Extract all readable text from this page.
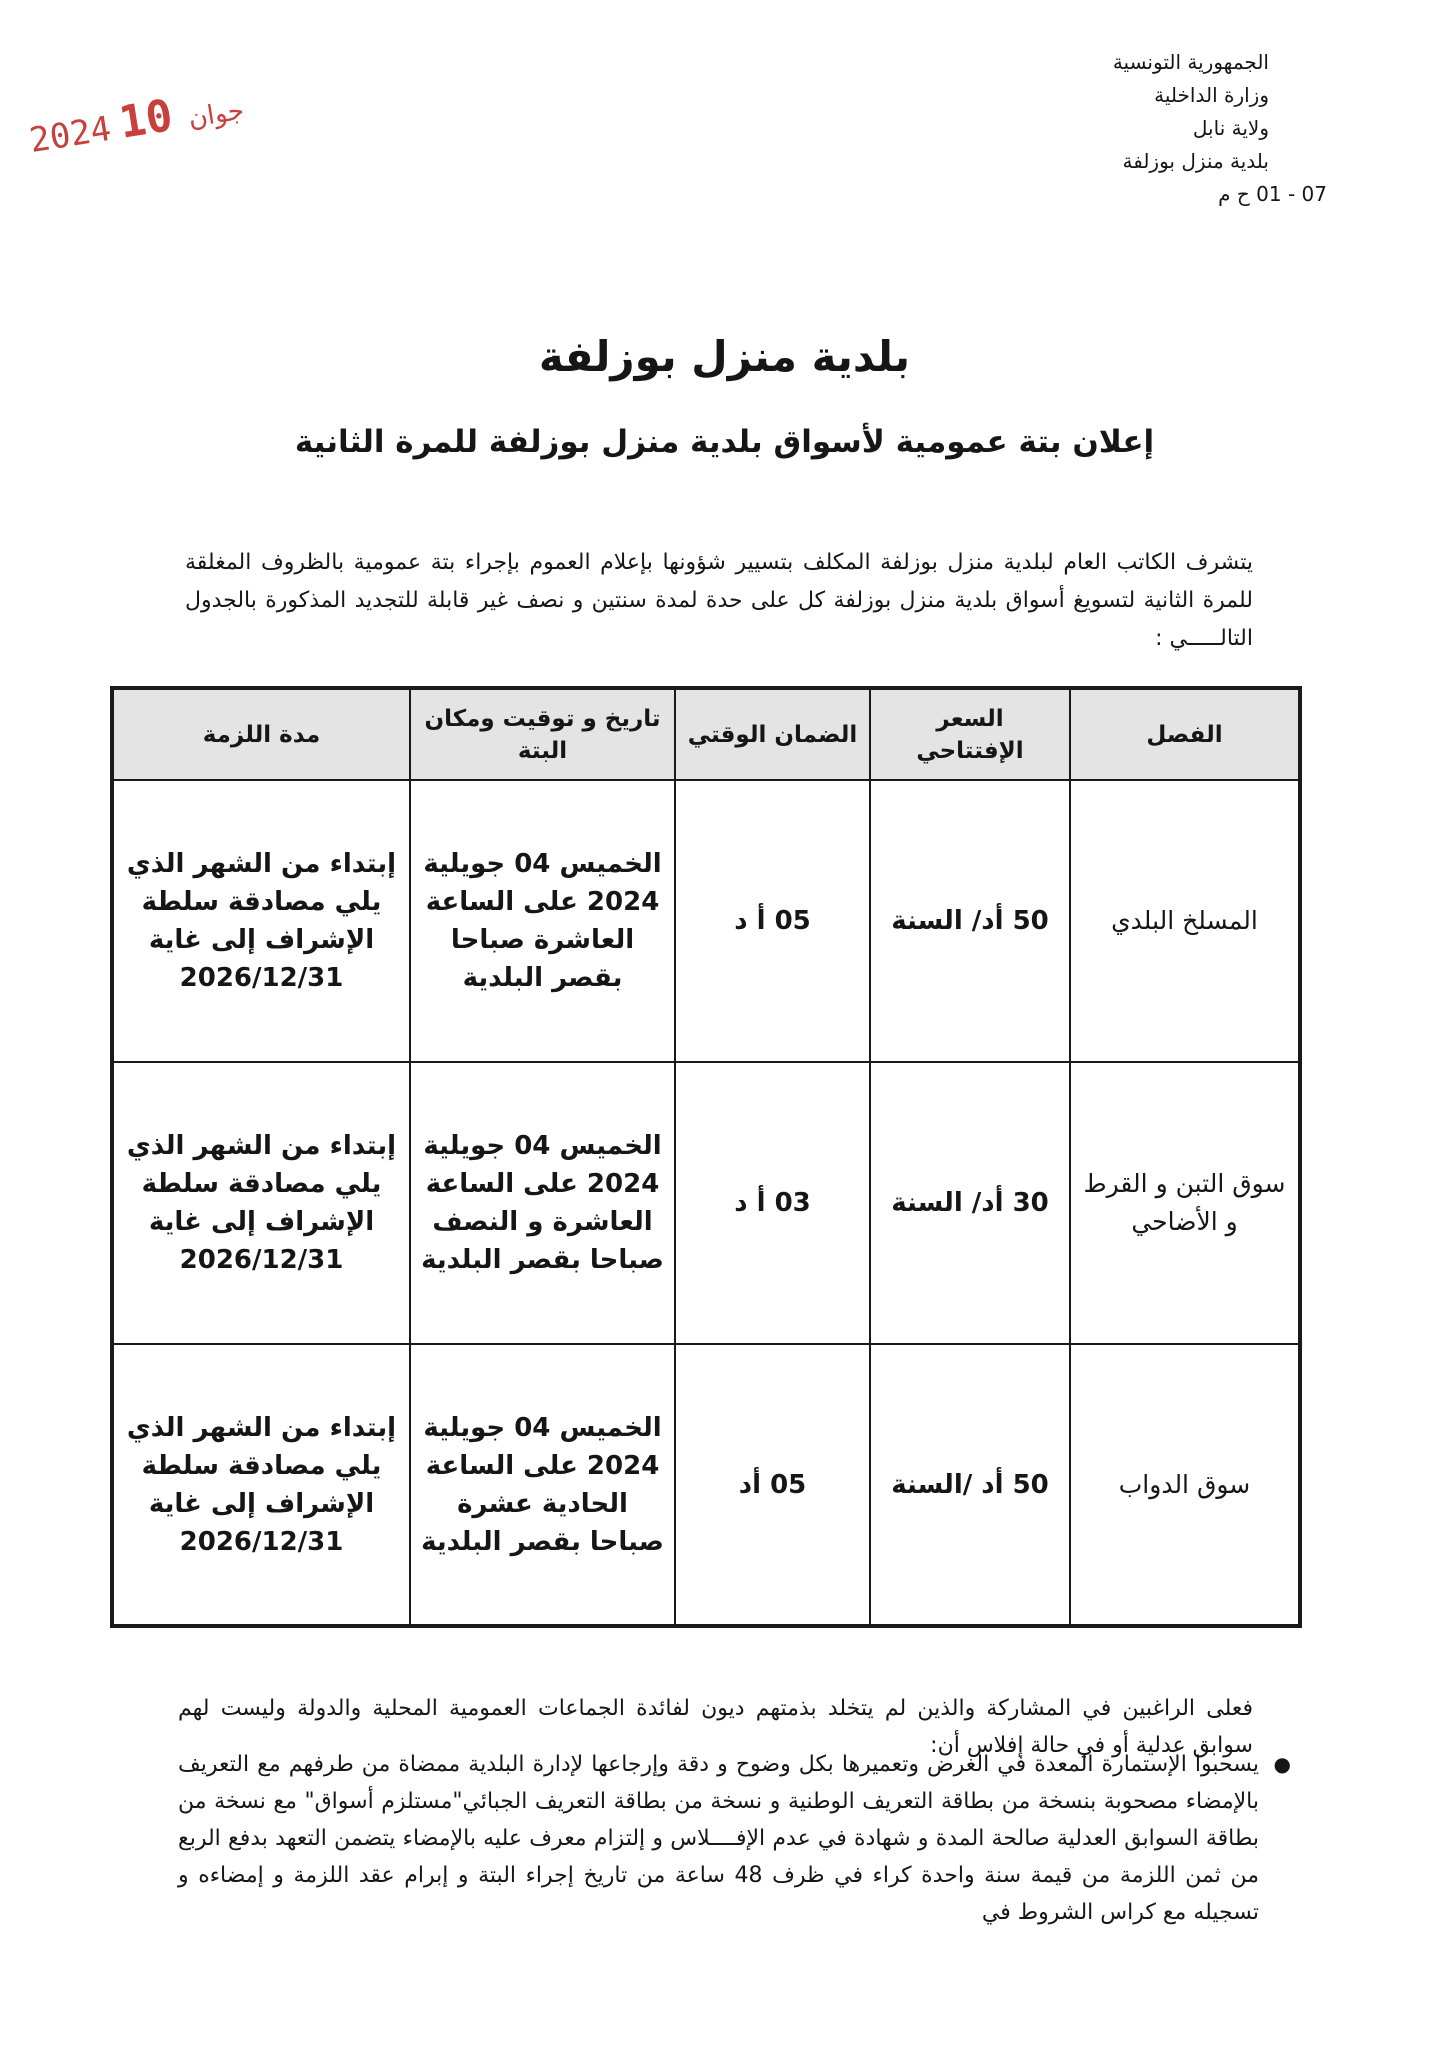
الجمهورية التونسية
وزارة الداخلية
ولاية نابل
بلدية منزل بوزلفة
07 - 01 ح م
2024	جوان 10
بلدية منزل بوزلفة
إعلان بتة عمومية لأسواق بلدية منزل بوزلفة للمرة الثانية

يتشرف الكاتب العام لبلدية منزل بوزلفة المكلف بتسيير شؤونها بإعلام العموم بإجراء بتة عمومية بالظروف المغلقة للمرة الثانية لتسويغ أسواق بلدية منزل بوزلفة كل على حدة لمدة سنتين و نصف غير قابلة للتجديد المذكورة بالجدول التالـــــي :

الفصل	السعر الإفتتاحي	الضمان الوقتي	تاريخ و توقيت ومكان البتة	مدة اللزمة
المسلخ البلدي	50 أد/ السنة	05 أ د	الخميس 04 جويلية 2024 على الساعة العاشرة صباحا بقصر البلدية	إبتداء من الشهر الذي يلي مصادقة سلطة الإشراف إلى غاية 2026/12/31
سوق التبن و القرط و الأضاحي	30 أد/ السنة	03 أ د	الخميس 04 جويلية 2024 على الساعة العاشرة و النصف صباحا بقصر البلدية	إبتداء من الشهر الذي يلي مصادقة سلطة الإشراف إلى غاية 2026/12/31
سوق الدواب	50 أد /السنة	05 أد	الخميس 04 جويلية 2024 على الساعة الحادية عشرة صباحا بقصر البلدية	إبتداء من الشهر الذي يلي مصادقة سلطة الإشراف إلى غاية 2026/12/31

فعلى الراغبين في المشاركة والذين لم يتخلد بذمتهم ديون لفائدة الجماعات العمومية المحلية والدولة وليست لهم سوابق عدلية أو في حالة إفلاس أن:

●
يسحبوا الإستمارة المعدة في الغرض وتعميرها بكل وضوح و دقة وإرجاعها لإدارة البلدية ممضاة من طرفهم مع التعريف بالإمضاء مصحوبة بنسخة من بطاقة التعريف الوطنية و نسخة من بطاقة التعريف الجبائي"مستلزم أسواق" مع نسخة من بطاقة السوابق العدلية صالحة المدة و شهادة في عدم الإفــــلاس و إلتزام معرف عليه بالإمضاء يتضمن التعهد بدفع الربع من ثمن اللزمة من قيمة سنة واحدة كراء في ظرف 48 ساعة من تاريخ إجراء البتة و إبرام عقد اللزمة و إمضاءه و تسجيله مع كراس الشروط في
